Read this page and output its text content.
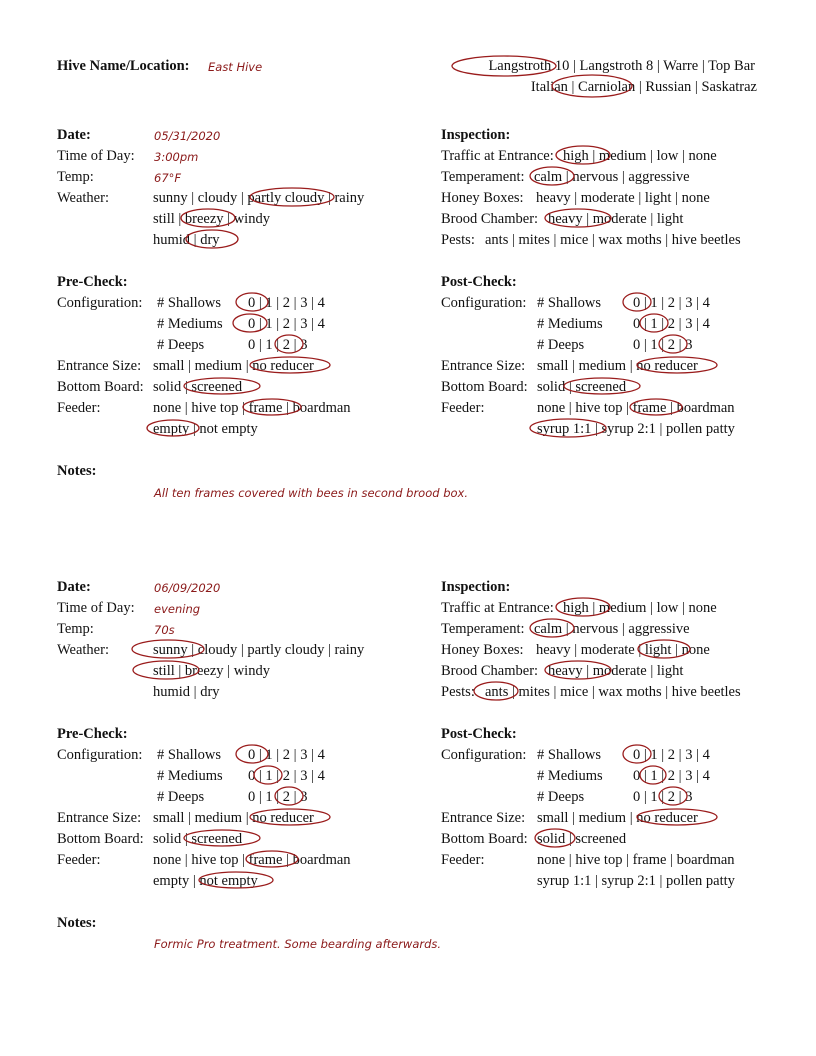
Hive Name/Location: East Hive	Langstroth 10 | Langstroth 8 | Warre | Top Bar
Italian | Carniolan | Russian | Saskatraz
Date:	05/31/2020
Time of Day: 3:00pm
Temp:	67°F
Weather:	sunny | cloudy | partly cloudy | rainy
still | breezy | windy
humid | dry
Inspection:
Traffic at Entrance: high | medium | low | none
Temperament: calm | nervous | aggressive
Honey Boxes: heavy | moderate | light | none
Brood Chamber: heavy | moderate | light
Pests: ants | mites | mice | wax moths | hive beetles
Pre-Check:
Configuration: # Shallows 0 | 1 | 2 | 3 | 4
# Mediums 0 | 1 | 2 | 3 | 4
# Deeps	0 | 1 | 2 | 3
Entrance Size: small | medium | no reducer
Bottom Board: solid | screened
Feeder:	none | hive top | frame | boardman
empty | not empty
Post-Check:
Configuration: # Shallows 0 | 1 | 2 | 3 | 4
# Mediums 0 | 1 | 2 | 3 | 4
# Deeps	0 | 1 | 2 | 3
Entrance Size: small | medium | no reducer
Bottom Board: solid | screened
Feeder:	none | hive top | frame | boardman
syrup 1:1 | syrup 2:1 | pollen patty
Notes:
All ten frames covered with bees in second brood box.
Date:	06/09/2020
Time of Day: evening
Temp:	70s
Weather:	sunny | cloudy | partly cloudy | rainy
still | breezy | windy
humid | dry
Inspection:
Traffic at Entrance: high | medium | low | none
Temperament: calm | nervous | aggressive
Honey Boxes: heavy | moderate | light | none
Brood Chamber: heavy | moderate | light
Pests: ants | mites | mice | wax moths | hive beetles
Pre-Check:
Configuration: # Shallows 0 | 1 | 2 | 3 | 4
# Mediums 0 | 1 | 2 | 3 | 4
# Deeps	0 | 1 | 2 | 3
Entrance Size: small | medium | no reducer
Bottom Board: solid | screened
Feeder:	none | hive top | frame | boardman
empty | not empty
Post-Check:
Configuration: # Shallows 0 | 1 | 2 | 3 | 4
# Mediums 0 | 1 | 2 | 3 | 4
# Deeps	0 | 1 | 2 | 3
Entrance Size: small | medium | no reducer
Bottom Board: solid | screened
Feeder:	none | hive top | frame | boardman
syrup 1:1 | syrup 2:1 | pollen patty
Notes:
Formic Pro treatment. Some bearding afterwards.
